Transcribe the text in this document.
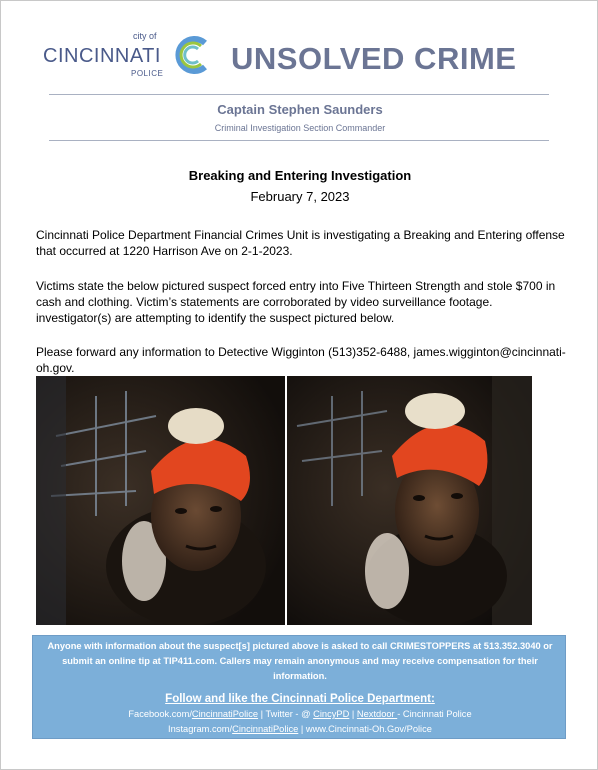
city of
CINCINNATI
POLICE UNSOLVED CRIME
Captain Stephen Saunders
Criminal Investigation Section Commander
Breaking and Entering Investigation
February 7, 2023

Cincinnati Police Department Financial Crimes Unit is investigating a Breaking and Entering offense that occurred at 1220 Harrison Ave on 2-1-2023.

Victims state the below pictured suspect forced entry into Five Thirteen Strength and stole $700 in cash and clothing. Victim’s statements are corroborated by video surveillance footage. investigator(s) are attempting to identify the suspect pictured below.

Please forward any information to Detective Wigginton (513)352-6488, james.wigginton@cincinnati-oh.gov.

Anyone with information about the suspect[s] pictured above is asked to call CRIMESTOPPERS at 513.352.3040 or submit an online tip at TIP411.com. Callers may remain anonymous and may receive compensation for their information.
Follow and like the Cincinnati Police Department:
Facebook.com/CincinnatiPolice | Twitter - @ CincyPD | Nextdoor - Cincinnati Police
Instagram.com/CincinnatiPolice | www.Cincinnati-Oh.Gov/Police
